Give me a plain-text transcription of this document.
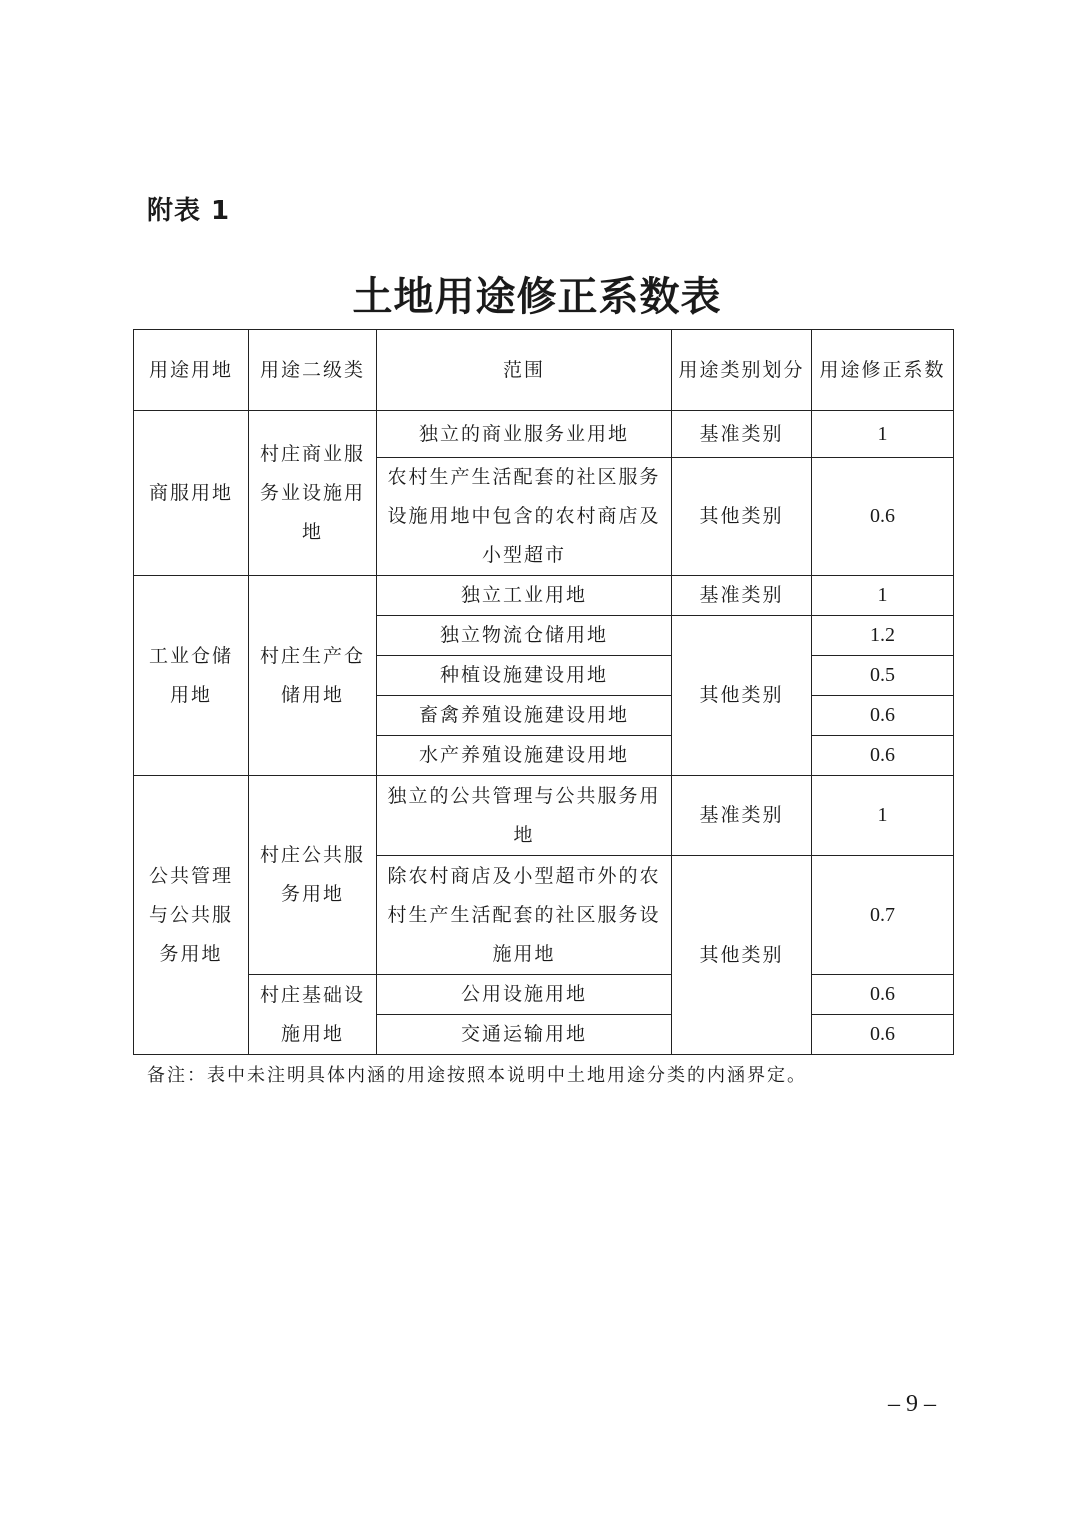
附表 1
土地用途修正系数表
用途用地	用途二级类	范围	用途类别划分	用途修正系数
商服用地	村庄商业服务业设施用地	独立的商业服务业用地	基准类别	1
		农村生产生活配套的社区服务设施用地中包含的农村商店及小型超市	其他类别	0.6
工业仓储用地	村庄生产仓储用地	独立工业用地	基准类别	1
		独立物流仓储用地	其他类别	1.2
		种植设施建设用地		0.5
		畜禽养殖设施建设用地		0.6
		水产养殖设施建设用地		0.6
公共管理与公共服务用地	村庄公共服务用地	独立的公共管理与公共服务用地	基准类别	1
		除农村商店及小型超市外的农村生产生活配套的社区服务设施用地	其他类别	0.7
	村庄基础设施用地	公用设施用地		0.6
		交通运输用地		0.6
备注：表中未注明具体内涵的用途按照本说明中土地用途分类的内涵界定。
– 9 –
